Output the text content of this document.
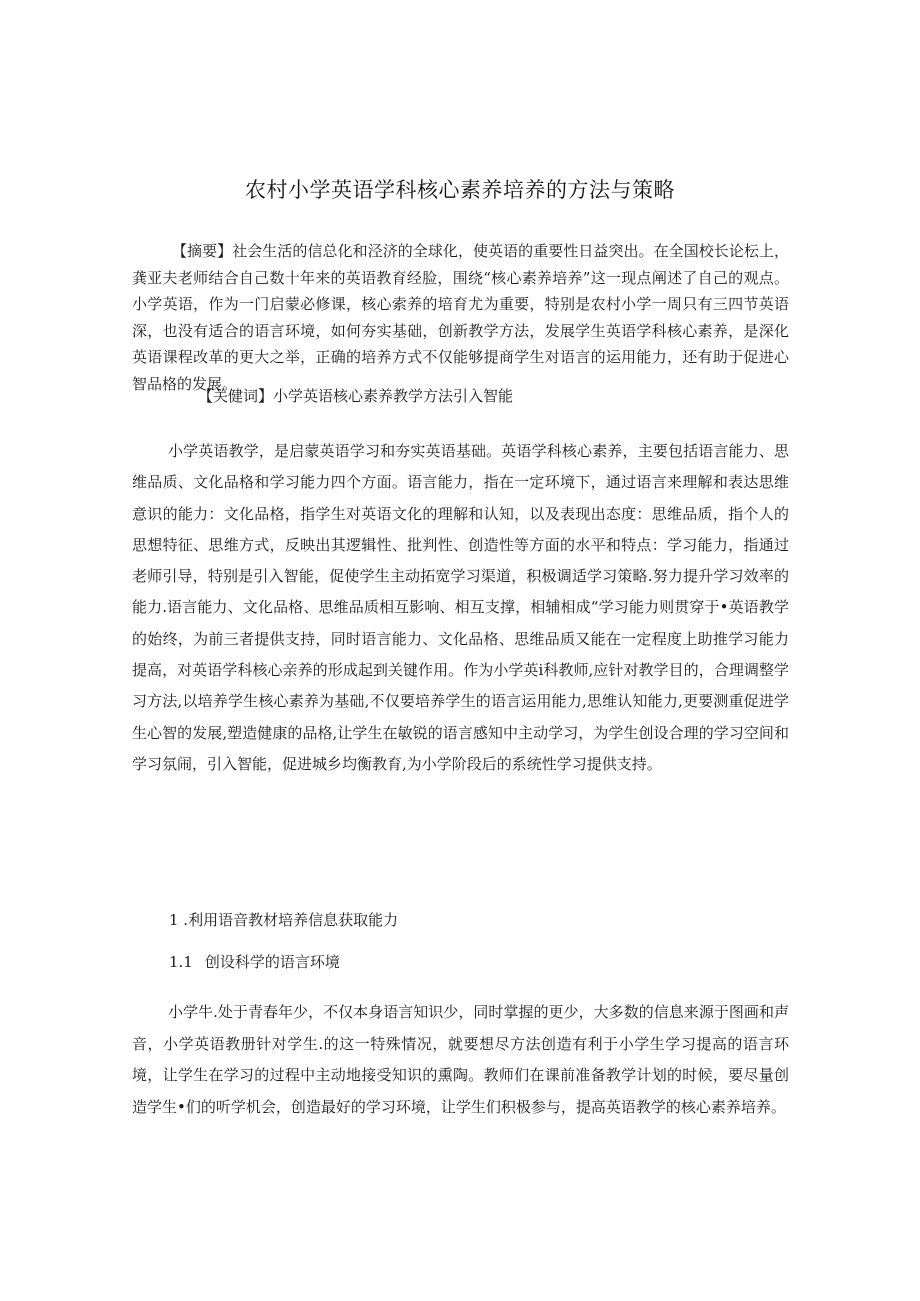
农村小学英语学科核心素养培养的方法与策略

【摘要】社会生活的信总化和泾济的全球化，使英语的重要性日益突出。在全国校长论枟上，龚亚夫老师结合自己数十年来的英语教育经脸，围绕“核心素养培养”这一现点阐述了自己的观点。小学英语，作为一门启蒙必修课，核心索养的培育尤为重要，特别是农村小学一周只有三四节英语深，也没有适合的语言环境，如何夯实基础，创新教学方法，发展学生英语学科核心素养，是深化英语课程改革的更大之举，正确的培养方式不仅能够提商学生对语言的运用能力，还有助于促进心智品格的发展。

【关健词】小学英语核心素养教学方法引入智能

小学英语教学，是启蒙英语学习和夯实英语基础。英语学科核心素养，主要包括语言能力、思维品质、文化品格和学习能力四个方面。语言能力，指在一定环境下，通过语言来理解和表达思维意识的能力：文化品格，指学生对英语文化的理解和认知，以及表现出态度：思维品质，指个人的思想特征、思维方式，反映出其逻辑性、批判性、创造性等方面的水平和特点：学习能力，指通过老师引导，特别是引入智能，促使学生主动拓宽学习渠道，积极调适学习策略.努力提升学习效率的能力.语言能力、文化品格、思维品质相互影响、相互支撑，相辅相成“学习能力则贯穿于•英语教学的始终，为前三者提供支持，同时语言能力、文化品格、思维品质又能在一定程度上助推学习能力提高，对英语学科核心亲养的形成起到关键作用。作为小学英i科教师,应针对教学目的，合理调整学习方法,以培养学生核心素养为基础,不仅要培养学生的语言运用能力,思维认知能力,更要测重促进学生心智的发展,塑造健康的品格,让学生在敏锐的语言感知中主动学习，为学生创设合理的学习空间和学习氛闹，引入智能，促进城乡均衡教育,为小学阶段后的系统性学习提供支持。

1 .利用语音教材培养信息获取能力

1.1 创设科学的语言环境

小学牛.处于青春年少，不仅本身语言知识少，同时掌握的更少，大多数的信息来源于图画和声音，小学英语教册针对学生.的这一特殊情况，就要想尽方法创造有利于小学生学习提高的语言环境，让学生在学习的过程中主动地接受知识的熏陶。教师们在课前准备教学计划的时候，要尽量创造学生•们的听学机会，创造最好的学习环境，让学生们积极参与，提高英语教学的核心素养培养。
